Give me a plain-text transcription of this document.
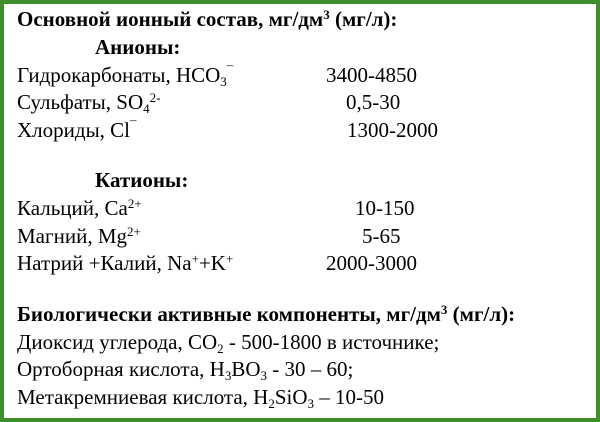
Основной ионный состав, $мг/дм^3$ (мг/л):
Анионы:
Гидрокарбонаты, $HCO_3^¯$	3400-4850
Сульфаты, $SO_4^{2-}$	0,5-30
Хлориды, Cl¯	1300-2000
Катионы:
Кальций, $Ca^{2+}$	10-150
Магний, $Mg^{2+}$	5-65
Натрий +Калий, Na++K+	2000-3000
Биологически активные компоненты, $мг/дм^3$ (мг/л):
Диоксид углерода, $CO_2 - 500-1800$ в источнике;
Ортоборная кислота, $H_3BO_3 - 30 - 60$;
Метакремниевая кислота, $H_2SiO_3 - 10-50$
